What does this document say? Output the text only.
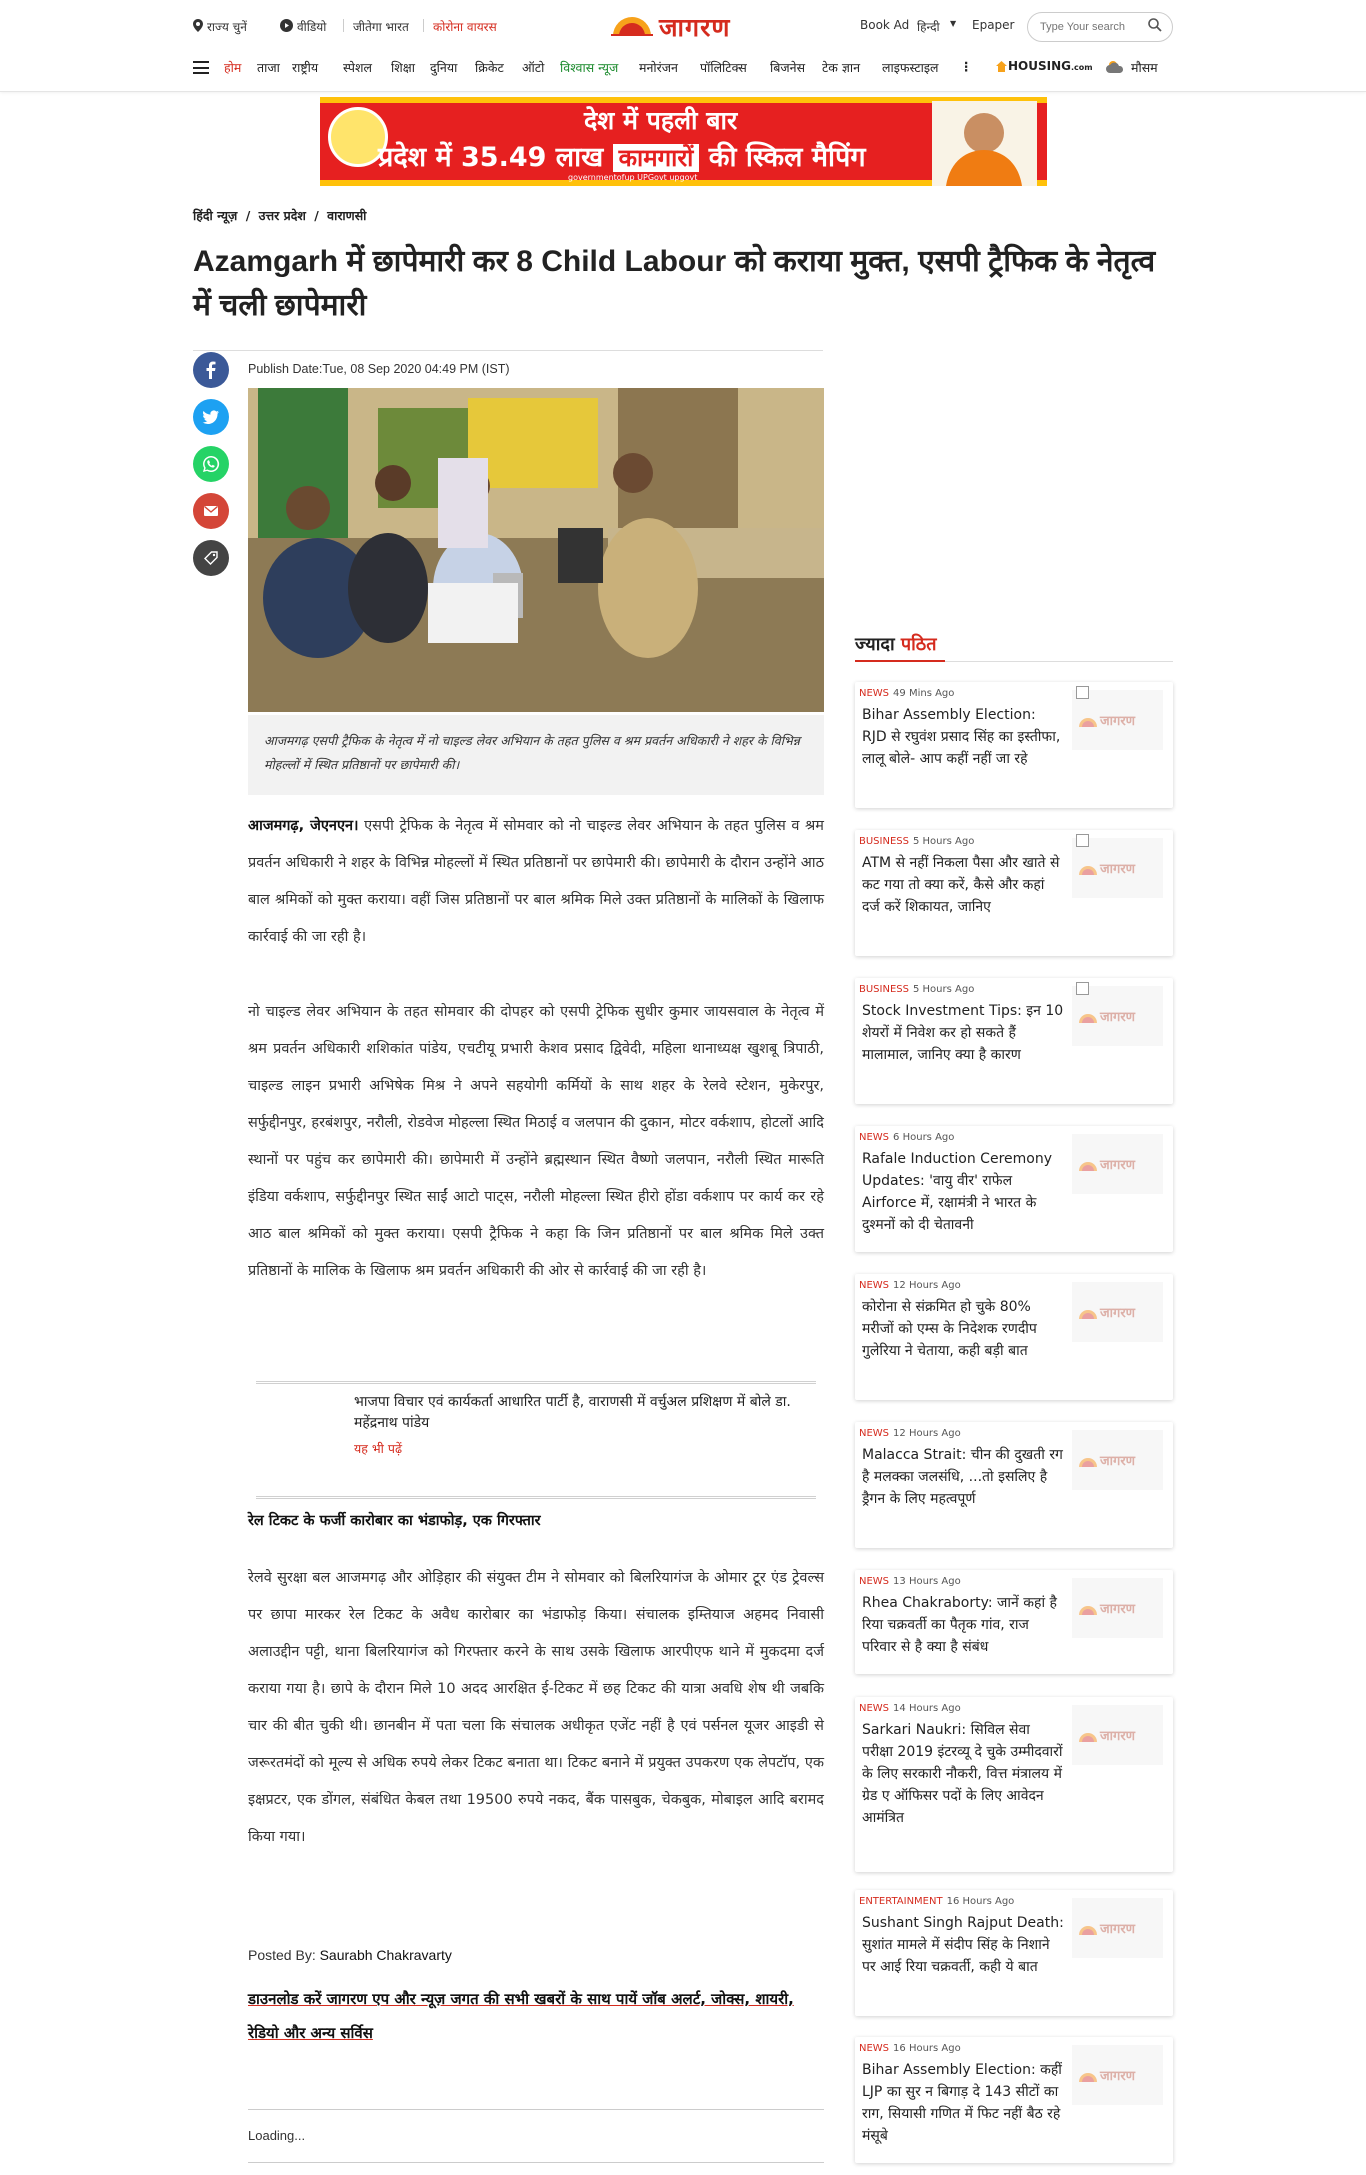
राज्य चुनें	वीडियो जीतेगा भारत कोरोना वायरस	जागरण	Book Ad हिन्दी ▼ Epaper
Type Your search
होम ताजा राष्ट्रीय स्पेशल शिक्षा दुनिया क्रिकेट ऑटो विश्वास न्यूज मनोरंजन पॉलिटिक्स बिजनेस टेक ज्ञान लाइफस्टाइल ⋮	HOUSING.com	मौसम
देश में पहली बार
प्रदेश में 35.49 लाख कामगारों की स्किल मैपिंग
governmentofup UPGovt upgovt
हिंदी न्यूज़ / उत्तर प्रदेश / वाराणसी
Azamgarh में छापेमारी कर 8 Child Labour को कराया मुक्त, एसपी ट्रैफिक के नेतृत्व में चली छापेमारी
Publish Date:Tue, 08 Sep 2020 04:49 PM (IST)
आजमगढ़ एसपी ट्रैफिक के नेतृत्व में नो चाइल्ड लेवर अभियान के तहत पुलिस व श्रम प्रवर्तन अधिकारी ने शहर के विभिन्न मोहल्लों में स्थित प्रतिष्ठानों पर छापेमारी की।
आजमगढ़, जेएनएन। एसपी ट्रेफिक के नेतृत्व में सोमवार को नो चाइल्ड लेवर अभियान के तहत पुलिस व श्रम प्रवर्तन अधिकारी ने शहर के विभिन्न मोहल्लों में स्थित प्रतिष्ठानों पर छापेमारी की। छापेमारी के दौरान उन्होंने आठ बाल श्रमिकों को मुक्त कराया। वहीं जिस प्रतिष्ठानों पर बाल श्रमिक मिले उक्त प्रतिष्ठानों के मालिकों के खिलाफ कार्रवाई की जा रही है।
नो चाइल्ड लेवर अभियान के तहत सोमवार की दोपहर को एसपी ट्रेफिक सुधीर कुमार जायसवाल के नेतृत्व में श्रम प्रवर्तन अधिकारी शशिकांत पांडेय, एचटीयू प्रभारी केशव प्रसाद द्विवेदी, महिला थानाध्यक्ष खुशबू त्रिपाठी, चाइल्ड लाइन प्रभारी अभिषेक मिश्र ने अपने सहयोगी कर्मियों के साथ शहर के रेलवे स्टेशन, मुकेरपुर, सर्फुद्दीनपुर, हरबंशपुर, नरौली, रोडवेज मोहल्ला स्थित मिठाई व जलपान की दुकान, मोटर वर्कशाप, होटलों आदि स्थानों पर पहुंच कर छापेमारी की। छापेमारी में उन्होंने ब्रह्मस्थान स्थित वैष्णो जलपान, नरौली स्थित मारूति इंडिया वर्कशाप, सर्फुद्दीनपुर स्थित साईं आटो पाट्स, नरौली मोहल्ला स्थित हीरो होंडा वर्कशाप पर कार्य कर रहे आठ बाल श्रमिकों को मुक्त कराया। एसपी ट्रैफिक ने कहा कि जिन प्रतिष्ठानों पर बाल श्रमिक मिले उक्त प्रतिष्ठानों के मालिक के खिलाफ श्रम प्रवर्तन अधिकारी की ओर से कार्रवाई की जा रही है।
भाजपा विचार एवं कार्यकर्ता आधारित पार्टी है, वाराणसी में वर्चुअल प्रशिक्षण में बोले डा. महेंद्रनाथ पांडेय
यह भी पढ़ें
रेल टिकट के फर्जी कारोबार का भंडाफोड़, एक गिरफ्तार
रेलवे सुरक्षा बल आजमगढ़ और ओड़िहार की संयुक्त टीम ने सोमवार को बिलरियागंज के ओमार टूर एंड ट्रेवल्स पर छापा मारकर रेल टिकट के अवैध कारोबार का भंडाफोड़ किया। संचालक इम्तियाज अहमद निवासी अलाउद्दीन पट्टी, थाना बिलरियागंज को गिरफ्तार करने के साथ उसके खिलाफ आरपीएफ थाने में मुकदमा दर्ज कराया गया है। छापे के दौरान मिले 10 अदद आरक्षित ई-टिकट में छह टिकट की यात्रा अवधि शेष थी जबकि चार की बीत चुकी थी। छानबीन में पता चला कि संचालक अधीकृत एजेंट नहीं है एवं पर्सनल यूजर आइडी से जरूरतमंदों को मूल्य से अधिक रुपये लेकर टिकट बनाता था। टिकट बनाने में प्रयुक्त उपकरण एक लेपटॉप, एक इक्षप्रटर, एक डोंगल, संबंधित केबल तथा 19500 रुपये नकद, बैंक पासबुक, चेकबुक, मोबाइल आदि बरामद किया गया।
Posted By: Saurabh Chakravarty
डाउनलोड करें जागरण एप और न्यूज़ जगत की सभी खबरों के साथ पायें जॉब अलर्ट, जोक्स, शायरी, रेडियो और अन्य सर्विस
Loading...
ज्यादा पठित
NEWS 49 Mins Ago
Bihar Assembly Election: RJD से रघुवंश प्रसाद सिंह का इस्तीफा, लालू बोले- आप कहीं नहीं जा रहे
जागरण
BUSINESS 5 Hours Ago
ATM से नहीं निकला पैसा और खाते से कट गया तो क्या करें, कैसे और कहां दर्ज करें शिकायत, जानिए
जागरण
BUSINESS 5 Hours Ago
Stock Investment Tips: इन 10 शेयरों में निवेश कर हो सकते हैं मालामाल, जानिए क्या है कारण
जागरण
NEWS 6 Hours Ago
Rafale Induction Ceremony Updates: 'वायु वीर' राफेल Airforce में, रक्षामंत्री ने भारत के दुश्मनों को दी चेतावनी
जागरण
NEWS 12 Hours Ago
कोरोना से संक्रमित हो चुके 80% मरीजों को एम्स के निदेशक रणदीप गुलेरिया ने चेताया, कही बड़ी बात
जागरण
NEWS 12 Hours Ago
Malacca Strait: चीन की दुखती रग है मलक्का जलसंधि, ...तो इसलिए है ड्रैगन के लिए महत्‍वपूर्ण
जागरण
NEWS 13 Hours Ago
Rhea Chakraborty: जानें कहां है रिया चक्रवर्ती का पैतृक गांव, राज परिवार से है क्या है संबंध
जागरण
NEWS 14 Hours Ago
Sarkari Naukri: सिविल सेवा परीक्षा 2019 इंटरव्यू दे चुके उम्मीदवारों के लिए सरकारी नौकरी, वित्त मंत्रालय में ग्रेड ए ऑफिसर पदों के लिए आवेदन आमंत्रित
जागरण
ENTERTAINMENT 16 Hours Ago
Sushant Singh Rajput Death: सुशांत मामले में संदीप सिंह के निशाने पर आई रिया चक्रवर्ती, कही ये बात
जागरण
NEWS 16 Hours Ago
Bihar Assembly Election: कहीं LJP का सुर न बिगाड़ दे 143 सीटों का राग, सियासी गणित में फिट नहीं बैठ रहे मंसूबे
जागरण
